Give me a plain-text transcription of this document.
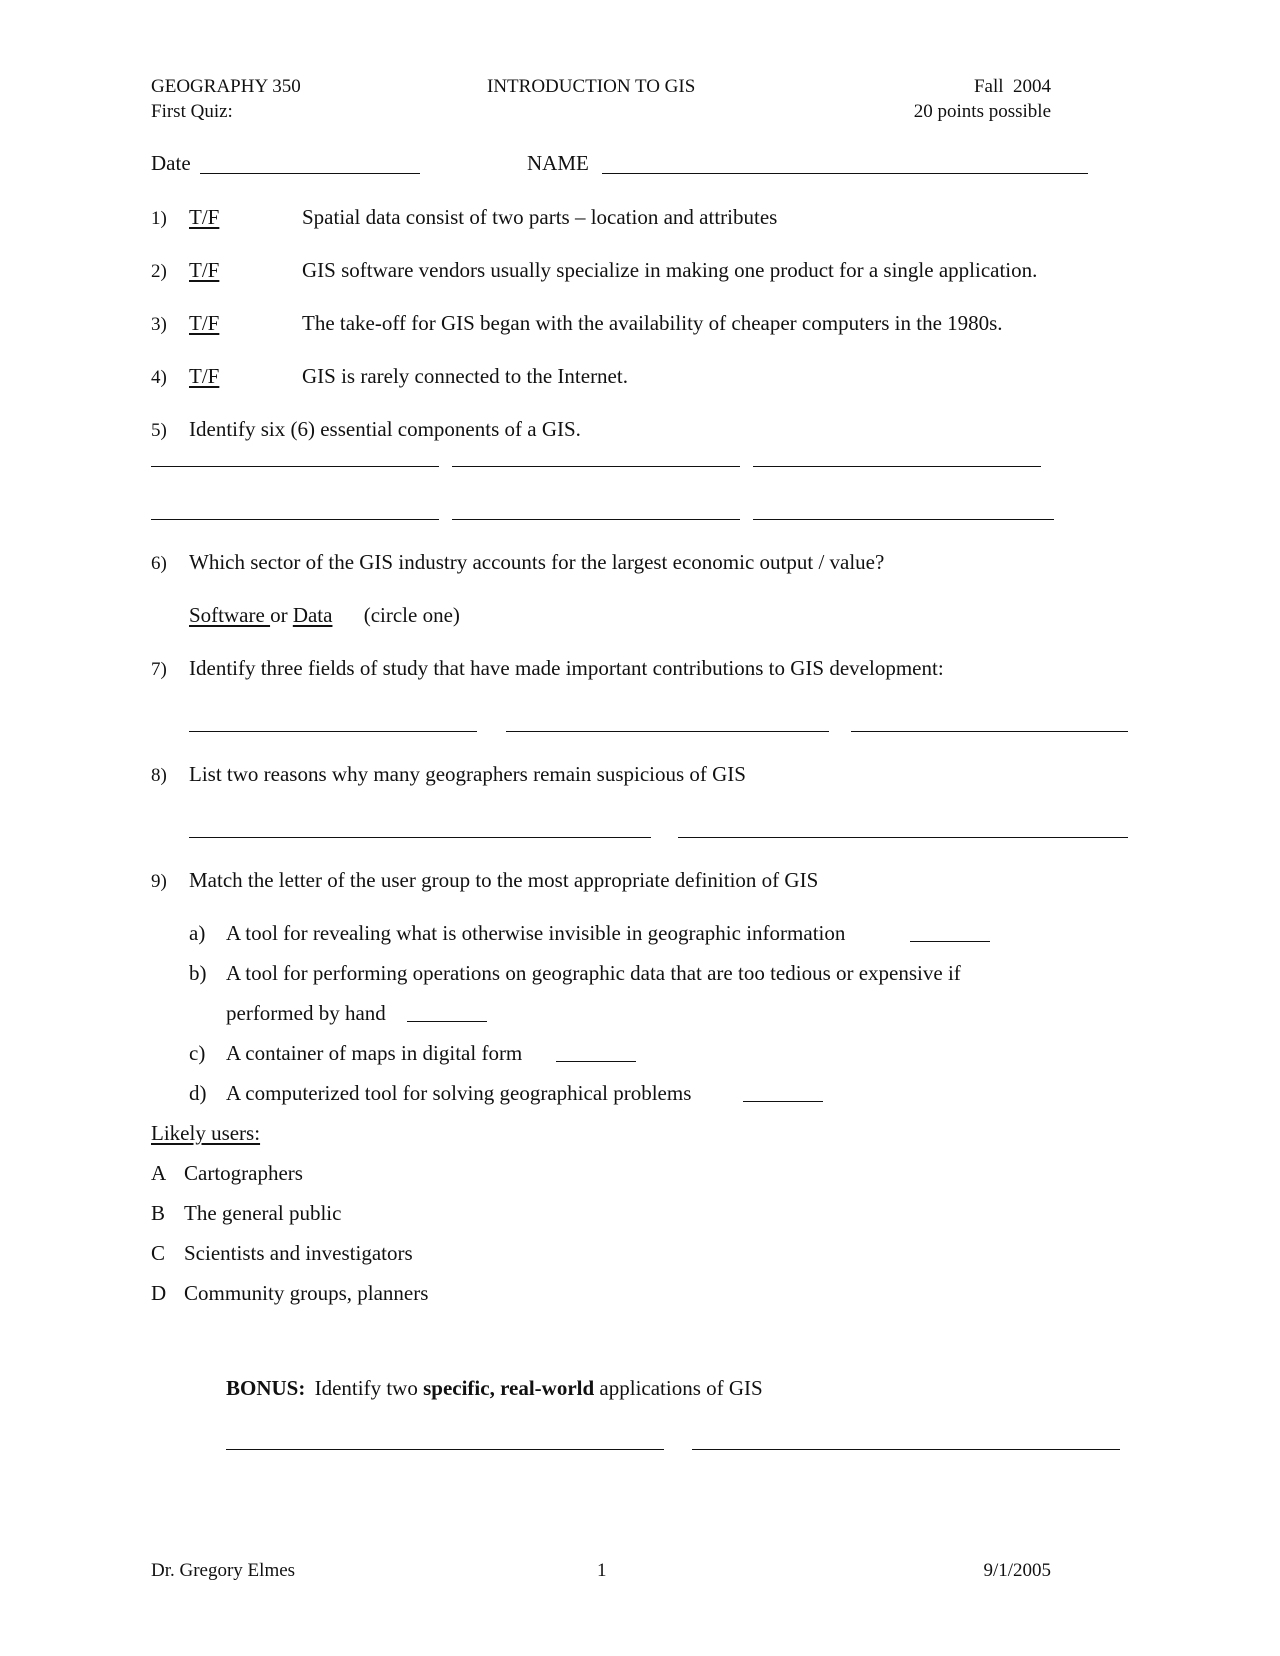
GEOGRAPHY 350
First Quiz:
INTRODUCTION TO GIS	Fall  2004
20 points possible
Date	NAME
1) T/F	Spatial data consist of two parts – location and attributes
2) T/F	GIS software vendors usually specialize in making one product for a single application.
3) T/F	The take-off for GIS began with the availability of cheaper computers in the 1980s.
4) T/F	GIS is rarely connected to the Internet.
5) Identify six (6) essential components of a GIS.
6) Which sector of the GIS industry accounts for the largest economic output / value?
Software or Data (circle one)
7) Identify three fields of study that have made important contributions to GIS development:
8) List two reasons why many geographers remain suspicious of GIS
9) Match the letter of the user group to the most appropriate definition of GIS
a) A tool for revealing what is otherwise invisible in geographic information
b) A tool for performing operations on geographic data that are too tedious or expensive if
performed by hand
c) A container of maps in digital form
d) A computerized tool for solving geographical problems
Likely users:
A Cartographers
B The general public
C Scientists and investigators
D Community groups, planners
BONUS: Identify two specific, real-world applications of GIS
Dr. Gregory Elmes	1	9/1/2005
